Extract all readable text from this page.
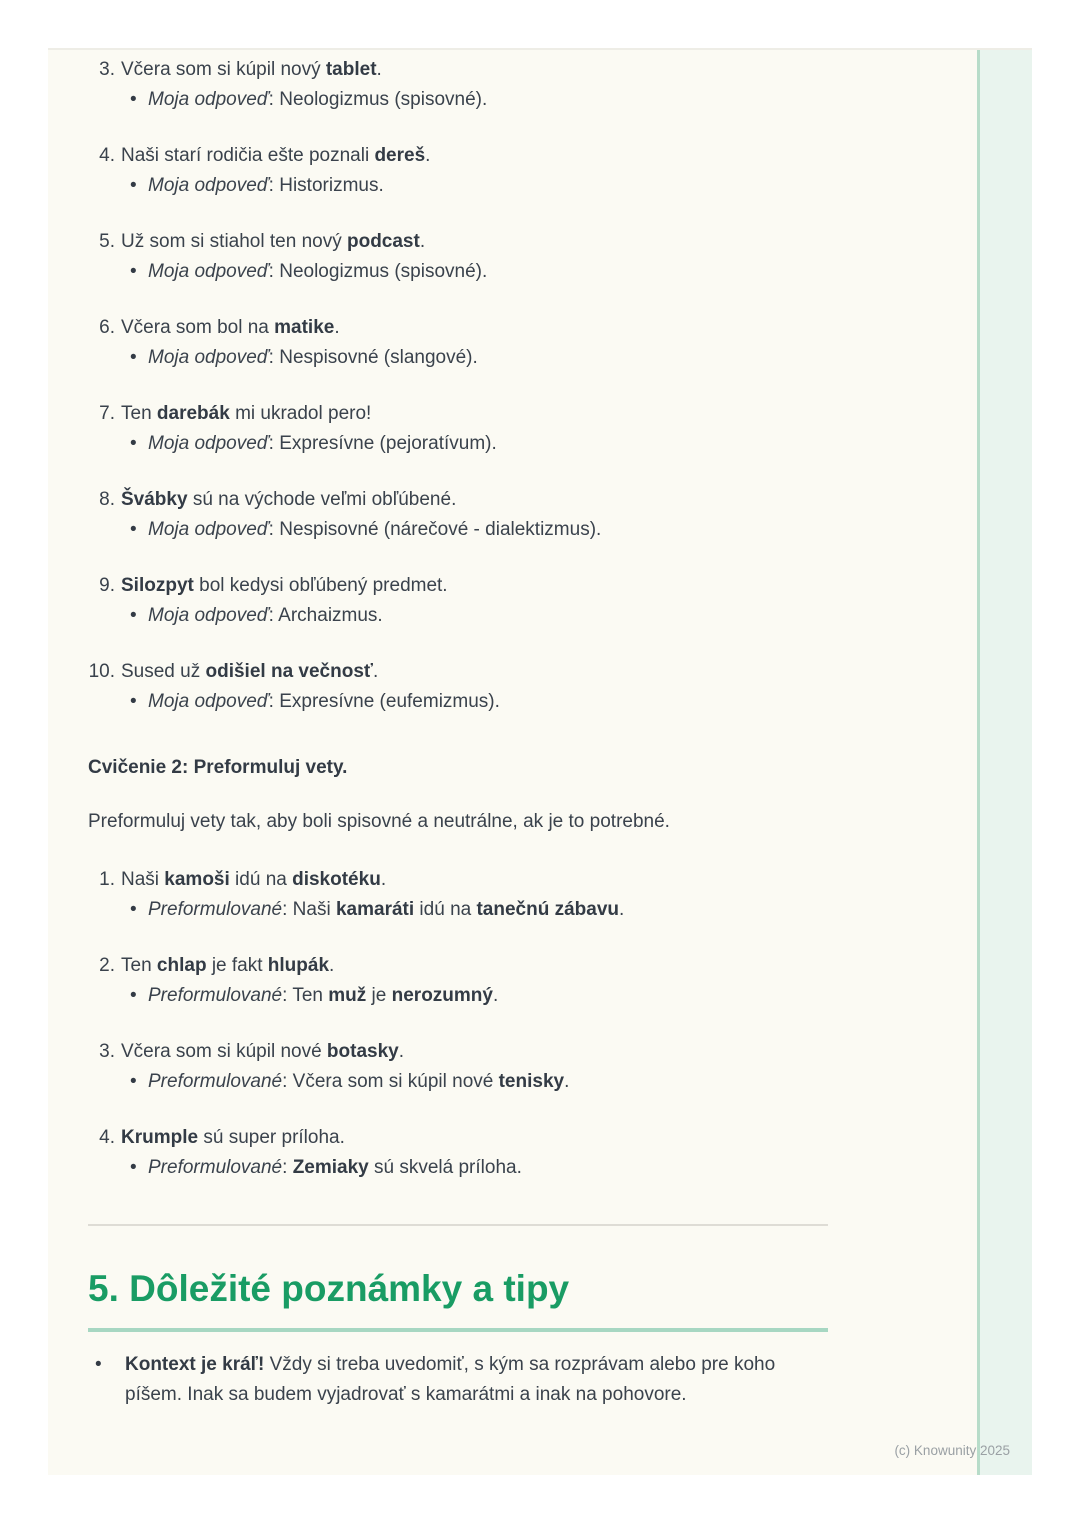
3. Včera som si kúpil nový tablet.
• Moja odpoveď: Neologizmus (spisovné).
4. Naši starí rodičia ešte poznali dereš.
• Moja odpoveď: Historizmus.
5. Už som si stiahol ten nový podcast.
• Moja odpoveď: Neologizmus (spisovné).
6. Včera som bol na matike.
• Moja odpoveď: Nespisovné (slangové).
7. Ten darebák mi ukradol pero!
• Moja odpoveď: Expresívne (pejoratívum).
8. Švábky sú na východe veľmi obľúbené.
• Moja odpoveď: Nespisovné (nárečové - dialektizmus).
9. Silozpyt bol kedysi obľúbený predmet.
• Moja odpoveď: Archaizmus.
10. Sused už odišiel na večnosť.
• Moja odpoveď: Expresívne (eufemizmus).

Cvičenie 2: Preformuluj vety.

Preformuluj vety tak, aby boli spisovné a neutrálne, ak je to potrebné.

1. Naši kamoši idú na diskotéku.
• Preformulované: Naši kamaráti idú na tanečnú zábavu.
2. Ten chlap je fakt hlupák.
• Preformulované: Ten muž je nerozumný.
3. Včera som si kúpil nové botasky.
• Preformulované: Včera som si kúpil nové tenisky.
4. Krumple sú super príloha.
• Preformulované: Zemiaky sú skvelá príloha.
5. Dôležité poznámky a tipy
•	Kontext je kráľ! Vždy si treba uvedomiť, s kým sa rozprávam alebo pre koho píšem. Inak sa budem vyjadrovať s kamarátmi a inak na pohovore.
(c) Knowunity 2025
